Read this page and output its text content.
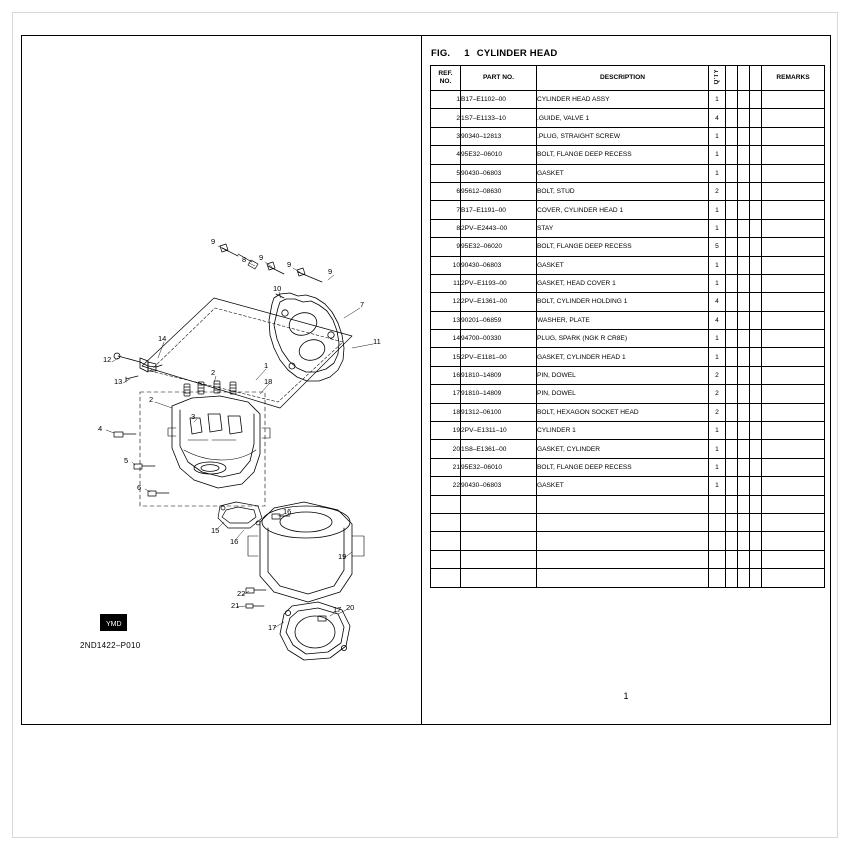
9
8 9
9
9
10
7
11
14
12
13
2
1
18
2
3
4
5
6
16
15
16
19
17
22
21
17
20
YMD
2ND1422–P010
FIG. 1 CYLINDER HEAD
REF.
NO.	PART NO.	DESCRIPTION	Q'TY				REMARKS
1	B17–E1102–00	CYLINDER HEAD ASSY	1				
2	1S7–E1133–10	.GUIDE, VALVE 1	4				
3	90340–12813	.PLUG, STRAIGHT SCREW	1				
4	95E32–06010	BOLT, FLANGE DEEP RECESS	1				
5	90430–06803	GASKET	1				
6	95612–08630	BOLT, STUD	2				
7	B17–E1191–00	COVER, CYLINDER HEAD 1	1				
8	2PV–E2443–00	STAY	1				
9	95E32–06020	BOLT, FLANGE DEEP RECESS	5				
10	90430–06803	GASKET	1				
11	2PV–E1193–00	GASKET, HEAD COVER 1	1				
12	2PV–E1361–00	BOLT, CYLINDER HOLDING 1	4				
13	90201–06859	WASHER, PLATE	4				
14	94700–00330	PLUG, SPARK (NGK R CR8E)	1				
15	2PV–E1181–00	GASKET, CYLINDER HEAD 1	1				
16	91810–14809	PIN, DOWEL	2				
17	91810–14809	PIN, DOWEL	2				
18	91312–06100	BOLT, HEXAGON SOCKET HEAD	2				
19	2PV–E1311–10	CYLINDER 1	1				
20	1S8–E1361–00	GASKET, CYLINDER	1				
21	95E32–06010	BOLT, FLANGE DEEP RECESS	1				
22	90430–06803	GASKET	1				

1
